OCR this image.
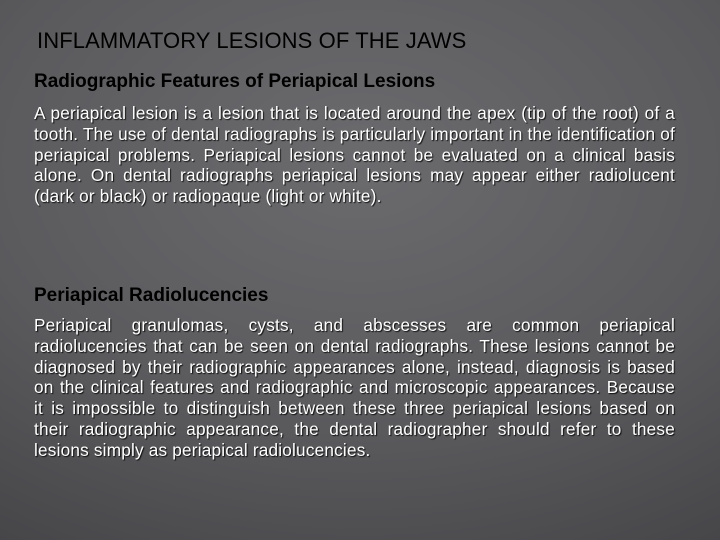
INFLAMMATORY LESIONS OF THE JAWS
Radiographic Features of Periapical Lesions

A periapical lesion is a lesion that is located around the apex (tip of the root) of a tooth. The use of dental radiographs is particularly important in the identification of periapical problems. Periapical lesions cannot be evaluated on a clinical basis alone. On dental radiographs periapical lesions may appear either radiolucent (dark or black) or radiopaque (light or white).

Periapical Radiolucencies

Periapical granulomas, cysts, and abscesses are common periapical radiolucencies that can be seen on dental radiographs. These lesions cannot be diagnosed by their radiographic appearances alone, instead, diagnosis is based on the clinical features and radiographic and microscopic appearances. Because it is impossible to distinguish between these three periapical lesions based on their radiographic appearance, the dental radiographer should refer to these lesions simply as periapical radiolucencies.
